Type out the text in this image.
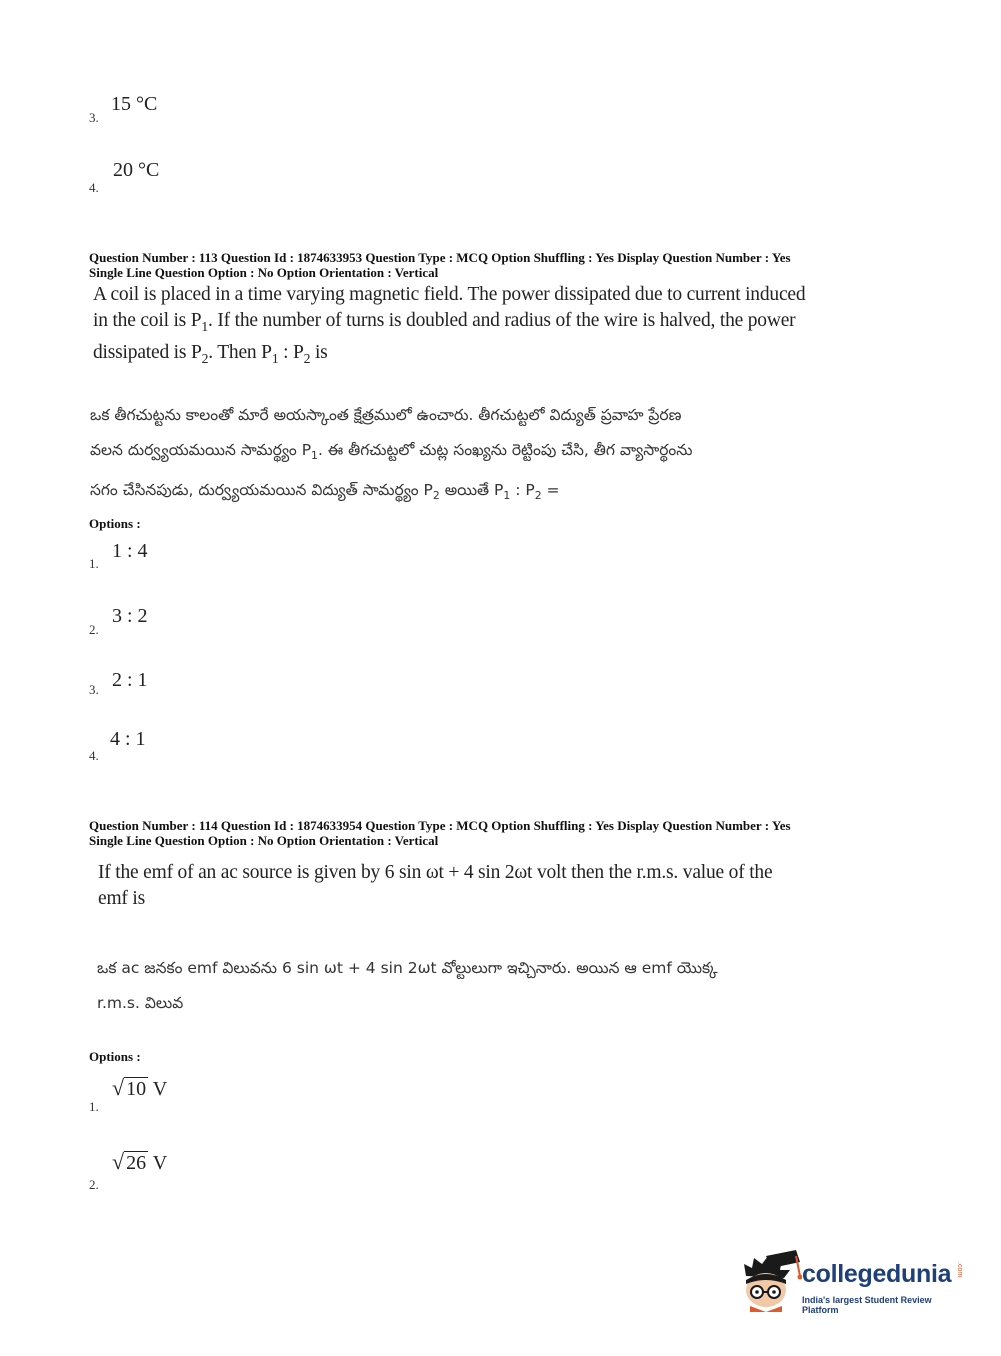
15 °C
3.
20 °C
4.
Question Number : 113 Question Id : 1874633953 Question Type : MCQ Option Shuffling : Yes Display Question Number : Yes
Single Line Question Option : No Option Orientation : Vertical
A coil is placed in a time varying magnetic field. The power dissipated due to current induced
in the coil is $P_1$. If the number of turns is doubled and radius of the wire is halved, the power
dissipated is $P_2$. Then $P_1$ : $P_2$ is
ఒక తీగచుట్టను కాలంతో మారే అయస్కాంత క్షేత్రములో ఉంచారు. తీగచుట్టలో విద్యుత్ ప్రవాహ ప్రేరణ
వలన దుర్వ్యయమయిన సామర్థ్యం $P_1$. ఈ తీగచుట్టలో చుట్ల సంఖ్యను రెట్టింపు చేసి, తీగ వ్యాసార్థంను
సగం చేసినపుడు, దుర్వ్యయమయిన విద్యుత్ సామర్థ్యం $P_2$ అయితే $P_1$ : $P_2$ =
Options :
1 : 4
1.
3 : 2
2.
2 : 1
3.
4 : 1
4.
Question Number : 114 Question Id : 1874633954 Question Type : MCQ Option Shuffling : Yes Display Question Number : Yes
Single Line Question Option : No Option Orientation : Vertical
If the emf of an ac source is given by 6 sin ωt + 4 sin 2ωt volt then the r.m.s. value of the
emf is
ఒక ac జనకం emf విలువను 6 sin ωt + 4 sin 2ωt వోల్టులుగా ఇచ్చినారు. అయిన ఆ emf యొక్క
r.m.s. విలువ
Options :
√ 10 V
1.
√ 26 V
2.
collegedunia .com
India's largest Student Review Platform
